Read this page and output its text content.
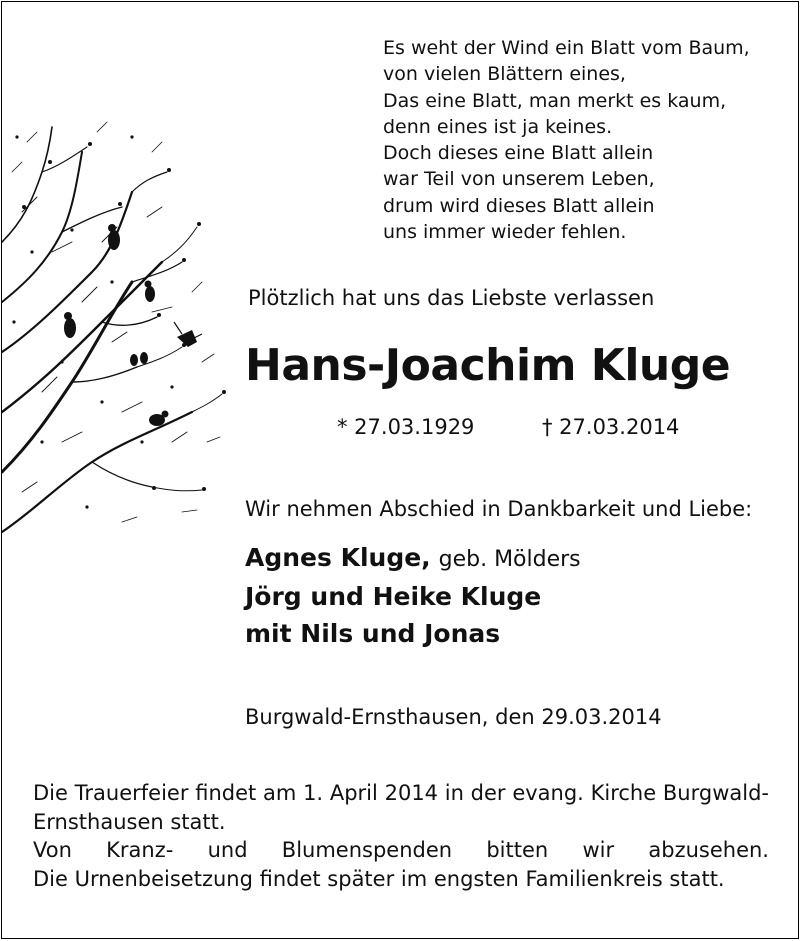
Es weht der Wind ein Blatt vom Baum,
von vielen Blättern eines,
Das eine Blatt, man merkt es kaum,
denn eines ist ja keines.
Doch dieses eine Blatt allein
war Teil von unserem Leben,
drum wird dieses Blatt allein
uns immer wieder fehlen.
Plötzlich hat uns das Liebste verlassen
Hans-Joachim Kluge
* 27.03.1929	† 27.03.2014
Wir nehmen Abschied in Dankbarkeit und Liebe:
Agnes Kluge, geb. Mölders
Jörg und Heike Kluge
mit Nils und Jonas
Burgwald-Ernsthausen, den 29.03.2014

Die Trauerfeier findet am 1. April 2014 in der evang. Kirche Burgwald-

Ernsthausen statt.

Von Kranz- und Blumenspenden bitten wir abzusehen.

Die Urnenbeisetzung findet später im engsten Familienkreis statt.
